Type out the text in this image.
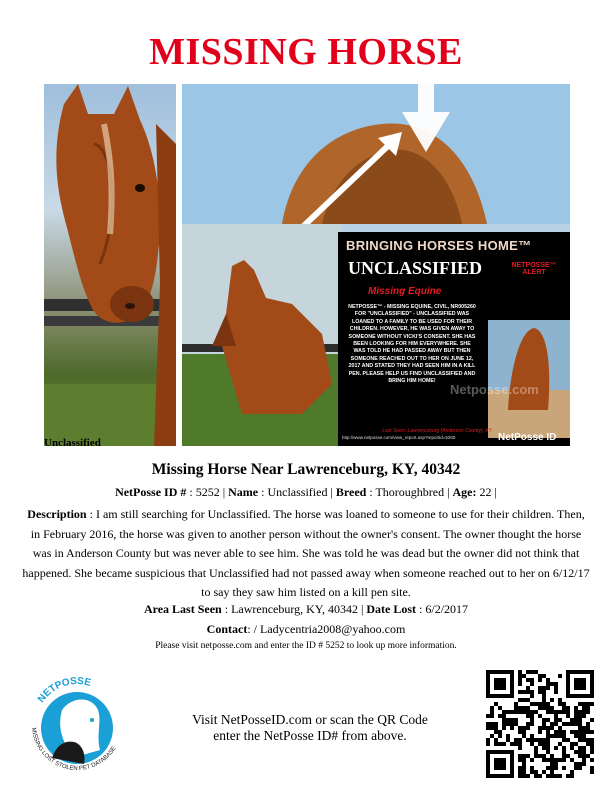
MISSING HORSE
BRINGING HORSES HOME™
UNCLASSIFIED
Missing Equine
NETPOSSE™ ALERT
NETPOSSE™ - MISSING EQUINE, CIVIL, NR005260 FOR "UNCLASSIFIED" - UNCLASSIFIED WAS LOANED TO A FAMILY TO BE USED FOR THEIR CHILDREN. HOWEVER, HE WAS GIVEN AWAY TO SOMEONE WITHOUT VICKI'S CONSENT. SHE HAS BEEN LOOKING FOR HIM EVERYWHERE. SHE WAS TOLD HE HAD PASSED AWAY BUT THEN SOMEONE REACHED OUT TO HER ON JUNE 12, 2017 AND STATED THEY HAD SEEN HIM IN A KILL PEN. PLEASE HELP US FIND UNCLASSIFIED AND BRING HIM HOME!
Netposse.com
http://www.netposse.com/view_report.asp?reportid=5260
Last Seen: Lawrenceburg (Anderson County), KY
NetPosse ID
Unclassified
Missing Horse Near Lawrenceburg, KY, 40342
NetPosse ID # : 5252 | Name : Unclassified | Breed : Thoroughbred | Age: 22 |
Description : I am still searching for Unclassified. The horse was loaned to someone to use for their children. Then, in February 2016, the horse was given to another person without the owner's consent. The owner thought the horse was in Anderson County but was never able to see him. She was told he was dead but the owner did not think that happened. She became suspicious that Unclassified had not passed away when someone reached out to her on 6/12/17 to say they saw him listed on a kill pen site.
Area Last Seen : Lawrenceburg, KY, 40342 | Date Lost : 6/2/2017
Contact: / Ladycentria2008@yahoo.com
Please visit netposse.com and enter the ID # 5252 to look up more information.
NETPOSSE
MISSING LOST STOLEN PET DATABASE
Visit NetPosseID.com or scan the QR Code
enter the NetPosse ID# from above.
